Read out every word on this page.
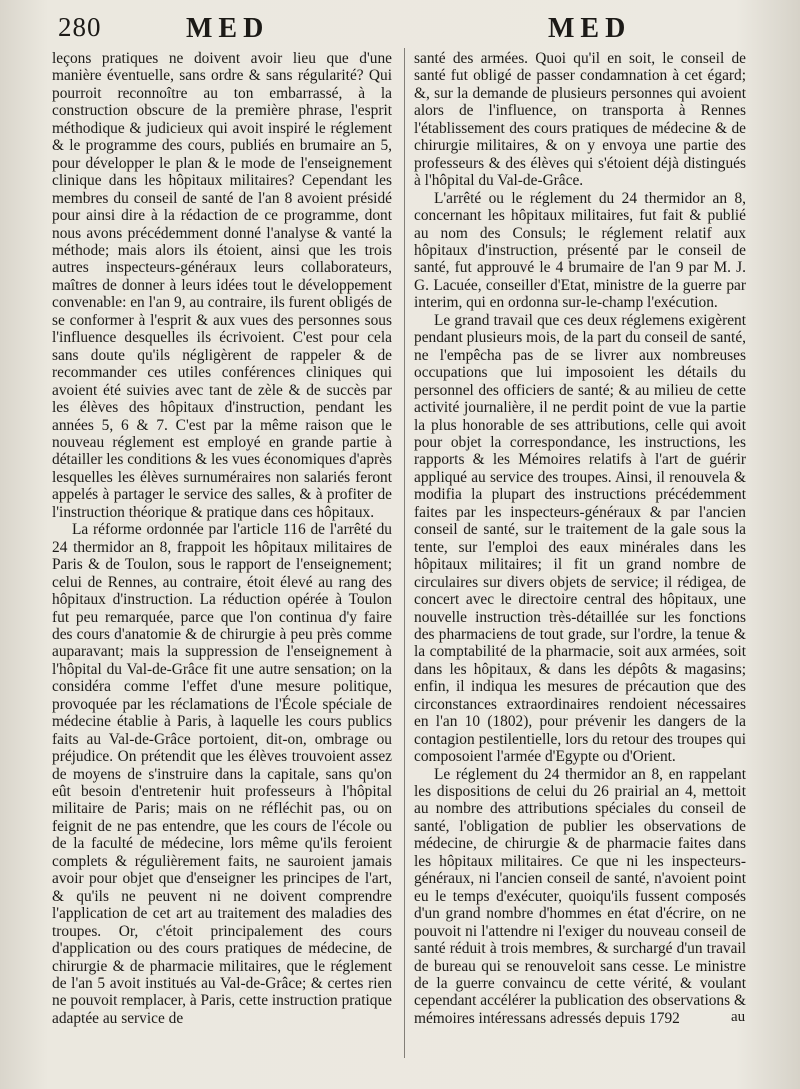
280	MED	MED

leçons pratiques ne doivent avoir lieu que d'une manière éventuelle, sans ordre & sans régularité? Qui pourroit reconnoître au ton embarrassé, à la construction obscure de la première phrase, l'esprit méthodique & judicieux qui avoit inspiré le réglement & le programme des cours, publiés en brumaire an 5, pour développer le plan & le mode de l'enseignement clinique dans les hôpitaux militaires? Cependant les membres du conseil de santé de l'an 8 avoient présidé pour ainsi dire à la rédaction de ce programme, dont nous avons précédemment donné l'analyse & vanté la méthode; mais alors ils étoient, ainsi que les trois autres inspecteurs-généraux leurs collaborateurs, maîtres de donner à leurs idées tout le développement convenable: en l'an 9, au contraire, ils furent obligés de se conformer à l'esprit & aux vues des personnes sous l'influence desquelles ils écrivoient. C'est pour cela sans doute qu'ils négligèrent de rappeler & de recommander ces utiles conférences cliniques qui avoient été suivies avec tant de zèle & de succès par les élèves des hôpitaux d'instruction, pendant les années 5, 6 & 7. C'est par la même raison que le nouveau réglement est employé en grande partie à détailler les conditions & les vues économiques d'après lesquelles les élèves surnuméraires non salariés feront appelés à partager le service des salles, & à profiter de l'instruction théorique & pratique dans ces hôpitaux.

La réforme ordonnée par l'article 116 de l'arrêté du 24 thermidor an 8, frappoit les hôpitaux militaires de Paris & de Toulon, sous le rapport de l'enseignement; celui de Rennes, au contraire, étoit élevé au rang des hôpitaux d'instruction. La réduction opérée à Toulon fut peu remarquée, parce que l'on continua d'y faire des cours d'anatomie & de chirurgie à peu près comme auparavant; mais la suppression de l'enseignement à l'hôpital du Val-de-Grâce fit une autre sensation; on la considéra comme l'effet d'une mesure politique, provoquée par les réclamations de l'École spéciale de médecine établie à Paris, à laquelle les cours publics faits au Val-de-Grâce portoient, dit-on, ombrage ou préjudice. On prétendit que les élèves trouvoient assez de moyens de s'instruire dans la capitale, sans qu'on eût besoin d'entretenir huit professeurs à l'hôpital militaire de Paris; mais on ne réfléchit pas, ou on feignit de ne pas entendre, que les cours de l'école ou de la faculté de médecine, lors même qu'ils feroient complets & régulièrement faits, ne sauroient jamais avoir pour objet que d'enseigner les principes de l'art, & qu'ils ne peuvent ni ne doivent comprendre l'application de cet art au traitement des maladies des troupes. Or, c'étoit principalement des cours d'application ou des cours pratiques de médecine, de chirurgie & de pharmacie militaires, que le réglement de l'an 5 avoit institués au Val-de-Grâce; & certes rien ne pouvoit remplacer, à Paris, cette instruction pratique adaptée au service de

santé des armées. Quoi qu'il en soit, le conseil de santé fut obligé de passer condamnation à cet égard; &, sur la demande de plusieurs personnes qui avoient alors de l'influence, on transporta à Rennes l'établissement des cours pratiques de médecine & de chirurgie militaires, & on y envoya une partie des professeurs & des élèves qui s'étoient déjà distingués à l'hôpital du Val-de-Grâce.

L'arrêté ou le réglement du 24 thermidor an 8, concernant les hôpitaux militaires, fut fait & publié au nom des Consuls; le réglement relatif aux hôpitaux d'instruction, présenté par le conseil de santé, fut approuvé le 4 brumaire de l'an 9 par M. J. G. Lacuée, conseiller d'Etat, ministre de la guerre par interim, qui en ordonna sur-le-champ l'exécution.

Le grand travail que ces deux réglemens exigèrent pendant plusieurs mois, de la part du conseil de santé, ne l'empêcha pas de se livrer aux nombreuses occupations que lui imposoient les détails du personnel des officiers de santé; & au milieu de cette activité journalière, il ne perdit point de vue la partie la plus honorable de ses attributions, celle qui avoit pour objet la correspondance, les instructions, les rapports & les Mémoires relatifs à l'art de guérir appliqué au service des troupes. Ainsi, il renouvela & modifia la plupart des instructions précédemment faites par les inspecteurs-généraux & par l'ancien conseil de santé, sur le traitement de la gale sous la tente, sur l'emploi des eaux minérales dans les hôpitaux militaires; il fit un grand nombre de circulaires sur divers objets de service; il rédigea, de concert avec le directoire central des hôpitaux, une nouvelle instruction très-détaillée sur les fonctions des pharmaciens de tout grade, sur l'ordre, la tenue & la comptabilité de la pharmacie, soit aux armées, soit dans les hôpitaux, & dans les dépôts & magasins; enfin, il indiqua les mesures de précaution que des circonstances extraordinaires rendoient nécessaires en l'an 10 (1802), pour prévenir les dangers de la contagion pestilentielle, lors du retour des troupes qui composoient l'armée d'Egypte ou d'Orient.

Le réglement du 24 thermidor an 8, en rappelant les dispositions de celui du 26 prairial an 4, mettoit au nombre des attributions spéciales du conseil de santé, l'obligation de publier les observations de médecine, de chirurgie & de pharmacie faites dans les hôpitaux militaires. Ce que ni les inspecteurs-généraux, ni l'ancien conseil de santé, n'avoient point eu le temps d'exécuter, quoiqu'ils fussent composés d'un grand nombre d'hommes en état d'écrire, on ne pouvoit ni l'attendre ni l'exiger du nouveau conseil de santé réduit à trois membres, & surchargé d'un travail de bureau qui se renouveloit sans cesse. Le ministre de la guerre convaincu de cette vérité, & voulant cependant accélérer la publication des observations & mémoires intéressans adressés depuis 1792	au
